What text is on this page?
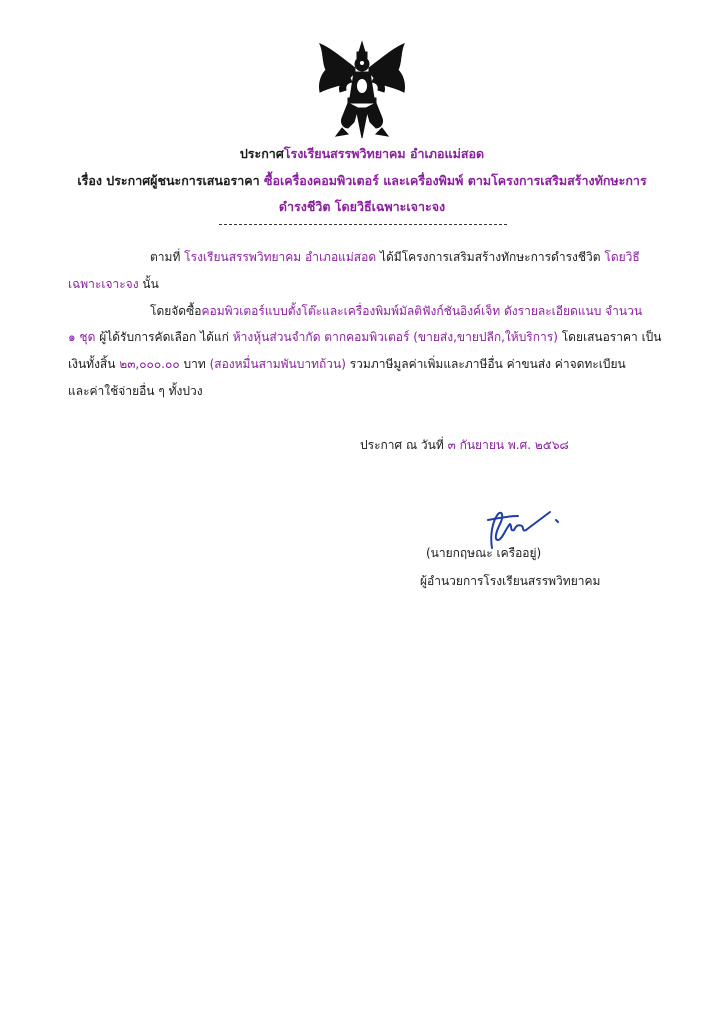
ประกาศโรงเรียนสรรพวิทยาคม อำเภอแม่สอด
เรื่อง ประกาศผู้ชนะการเสนอราคา ซื้อเครื่องคอมพิวเตอร์ และเครื่องพิมพ์ ตามโครงการเสริมสร้างทักษะการ
ดำรงชีวิต โดยวิธีเฉพาะเจาะจง
ตามที่ โรงเรียนสรรพวิทยาคม อำเภอแม่สอด ได้มีโครงการเสริมสร้างทักษะการดำรงชีวิต โดยวิธี
เฉพาะเจาะจง นั้น
โดยจัดซื้อคอมพิวเตอร์แบบตั้งโต๊ะและเครื่องพิมพ์มัลติฟังก์ชันอิงค์เจ็ท ดังรายละเอียดแนบ จำนวน
๑ ชุด ผู้ได้รับการคัดเลือก ได้แก่ ห้างหุ้นส่วนจำกัด ตากคอมพิวเตอร์ (ขายส่ง,ขายปลีก,ให้บริการ) โดยเสนอราคา เป็น
เงินทั้งสิ้น ๒๓,๐๐๐.๐๐ บาท (สองหมื่นสามพันบาทถ้วน) รวมภาษีมูลค่าเพิ่มและภาษีอื่น ค่าขนส่ง ค่าจดทะเบียน
และค่าใช้จ่ายอื่น ๆ ทั้งปวง
ประกาศ ณ วันที่ ๓ กันยายน พ.ศ. ๒๕๖๘
(นายกฤษณะ เครืออยู่)
ผู้อำนวยการโรงเรียนสรรพวิทยาคม
